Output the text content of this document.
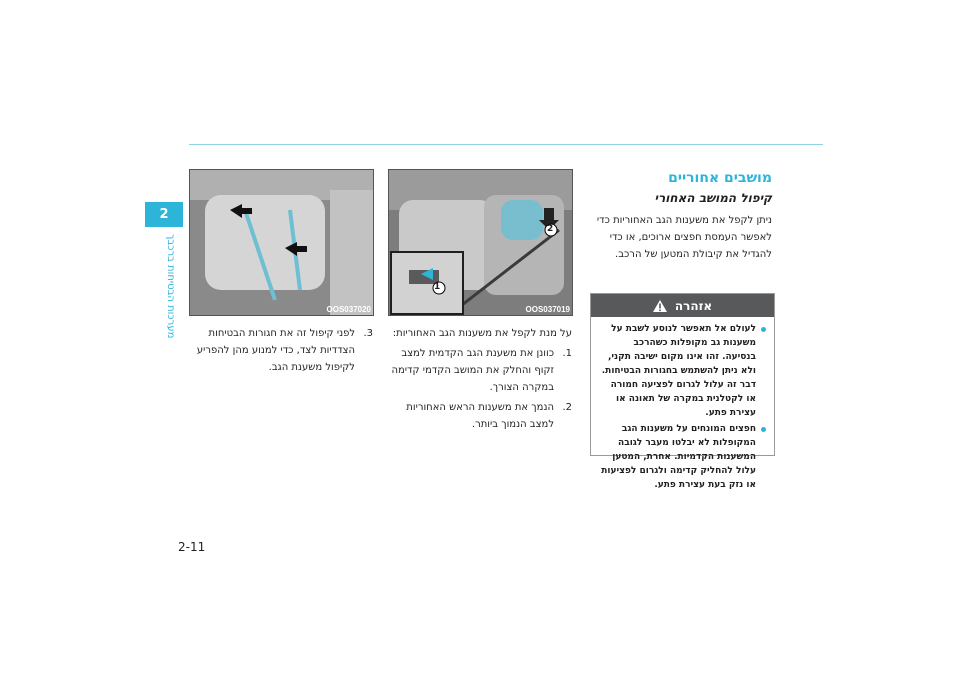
2
מערכות הבטיחות ברכבך
מושבים אחוריים
קיפול המושב האחורי
ניתן לקפל את משענות הגב האחוריות כדי לאפשר העמסת חפצים ארוכים, או כדי להגדיל את קיבולת המטען של הרכב.
אזהרה
לעולם אל תאפשר לנוסע לשבת על משענות גב מקופלות כשהרכב בנסיעה. זהו אינו מקום ישיבה תקני, ולא ניתן להשתמש בחגורות הבטיחות. דבר זה עלול לגרום לפציעה חמורה או לקטלנית במקרה של תאונה או עצירת פתע.
חפצים המונחים על משענות הגב המקופלות לא יבלטו מעבר לגובה המשענות הקדמיות. אחרת, המטען עלול להחליק קדימה ולגרום לפציעות או נזק בעת עצירת פתע.
1
2
OOS037019
OOS037020
על מנת לקפל את משענות הגב האחוריות:
1.
כוונן את משענת הגב הקדמית למצב זקוף והחלק את המושב הקדמי קדימה במקרה הצורך.
2.
הנמך את משענות הראש האחוריות למצב הנמוך ביותר.
3.
לפני קיפול זה את חגורות הבטיחות הצדדיות לצד, כדי למנוע מהן להפריע לקיפול משענת הגב.
2-11
